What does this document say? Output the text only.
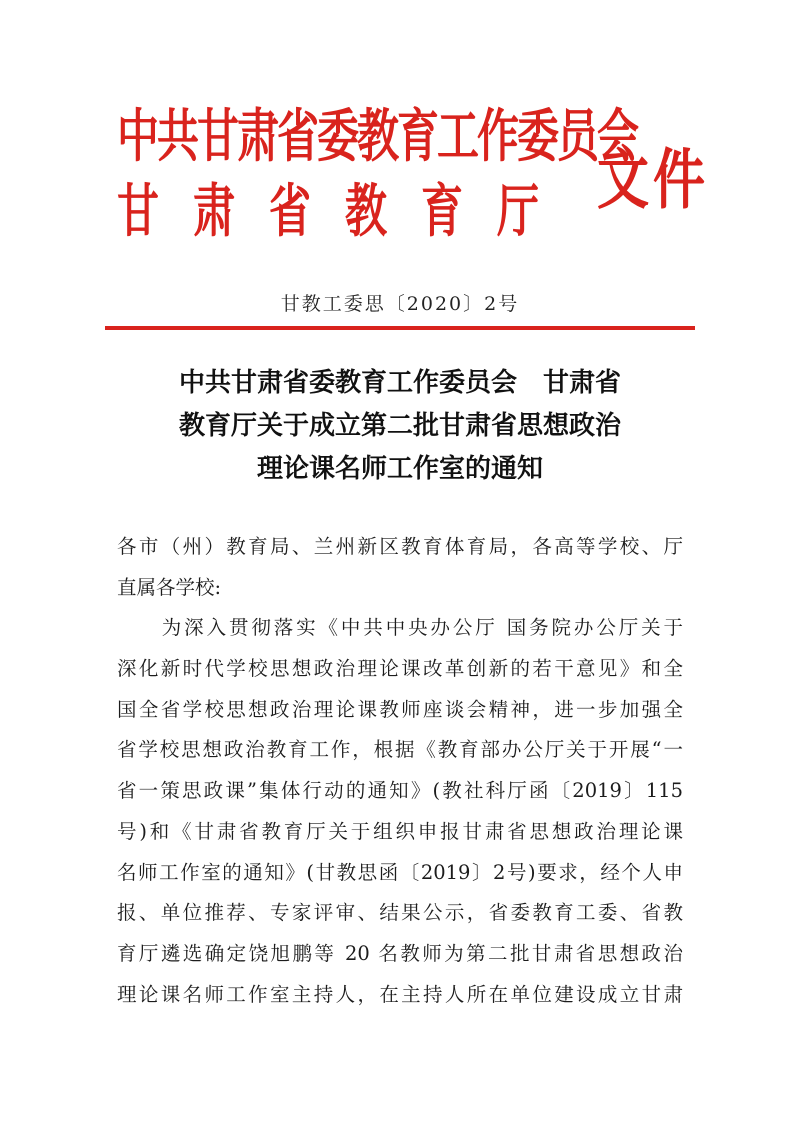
中共甘肃省委教育工作委员会
甘肃省教育厅 文件
甘教工委思〔2020〕2号
中共甘肃省委教育工作委员会　甘肃省
教育厅关于成立第二批甘肃省思想政治
理论课名师工作室的通知
各市（州）教育局、兰州新区教育体育局，各高等学校、厅
直属各学校:
　　为深入贯彻落实《中共中央办公厅 国务院办公厅关于
深化新时代学校思想政治理论课改革创新的若干意见》和全
国全省学校思想政治理论课教师座谈会精神，进一步加强全
省学校思想政治教育工作，根据《教育部办公厅关于开展“一
省一策思政课”集体行动的通知》(教社科厅函〔2019〕115
号)和《甘肃省教育厅关于组织申报甘肃省思想政治理论课
名师工作室的通知》(甘教思函〔2019〕2号)要求，经个人申
报、单位推荐、专家评审、结果公示，省委教育工委、省教
育厅遴选确定饶旭鹏等 20 名教师为第二批甘肃省思想政治
理论课名师工作室主持人，在主持人所在单位建设成立甘肃
